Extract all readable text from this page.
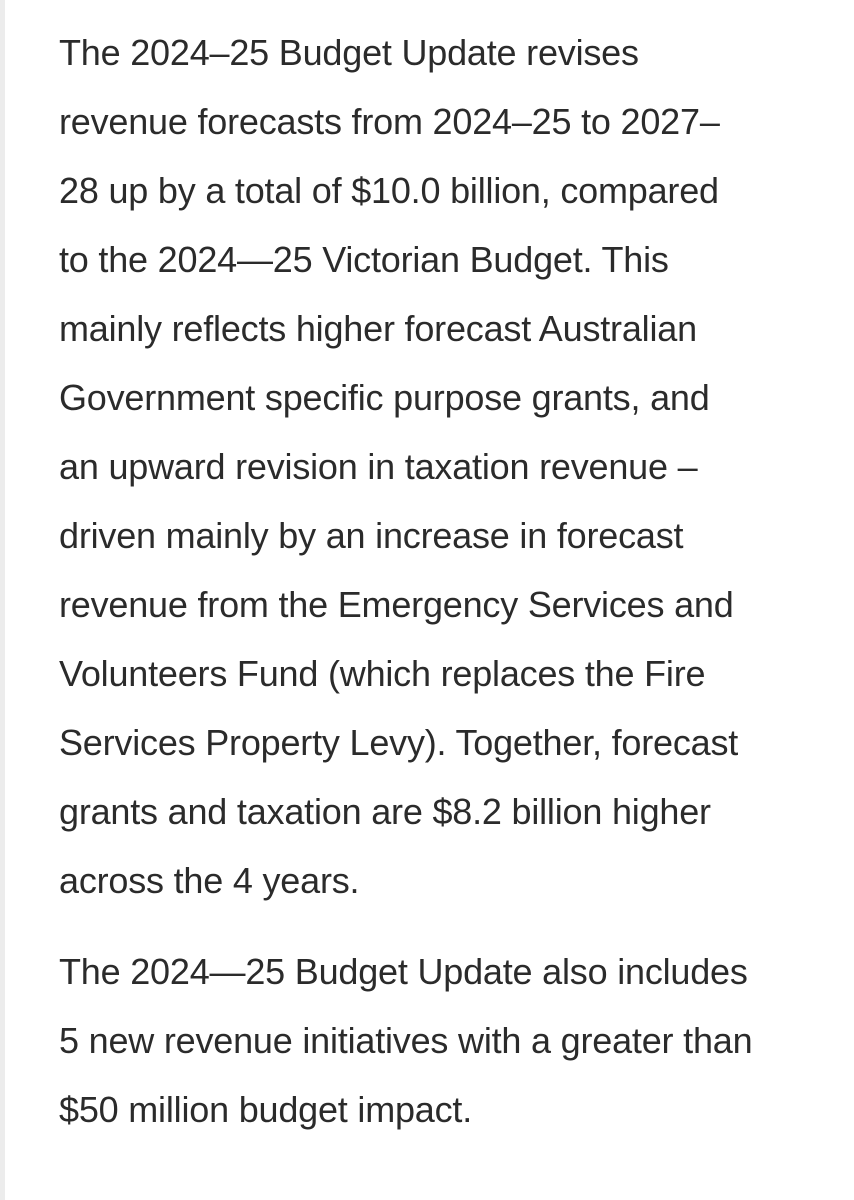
The 2024–25 Budget Update revises
revenue forecasts from 2024–25 to 2027–
28 up by a total of $10.0 billion, compared
to the 2024—25 Victorian Budget. This
mainly reflects higher forecast Australian
Government specific purpose grants, and
an upward revision in taxation revenue –
driven mainly by an increase in forecast
revenue from the Emergency Services and
Volunteers Fund (which replaces the Fire
Services Property Levy). Together, forecast
grants and taxation are $8.2 billion higher
across the 4 years.

The 2024—25 Budget Update also includes
5 new revenue initiatives with a greater than
$50 million budget impact.
